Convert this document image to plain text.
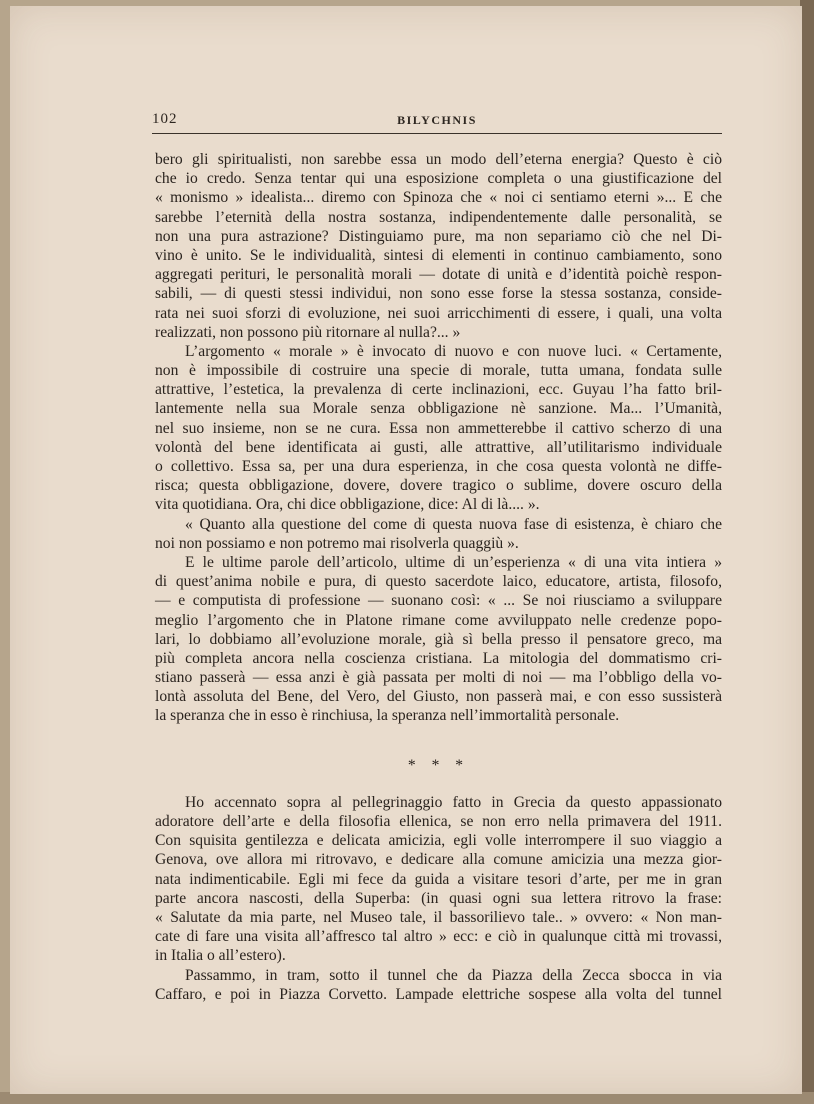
102	BILYCHNIS
bero gli spiritualisti, non sarebbe essa un modo dell’eterna energia? Questo è ciò
che io credo. Senza tentar qui una esposizione completa o una giustificazione del
« monismo » idealista... diremo con Spinoza che « noi ci sentiamo eterni »... E che
sarebbe l’eternità della nostra sostanza, indipendentemente dalle personalità, se
non una pura astrazione? Distinguiamo pure, ma non separiamo ciò che nel Di-
vino è unito. Se le individualità, sintesi di elementi in continuo cambiamento, sono
aggregati perituri, le personalità morali — dotate di unità e d’identità poichè respon-
sabili, — di questi stessi individui, non sono esse forse la stessa sostanza, conside-
rata nei suoi sforzi di evoluzione, nei suoi arricchimenti di essere, i quali, una volta
realizzati, non possono più ritornare al nulla?... »
L’argomento « morale » è invocato di nuovo e con nuove luci. « Certamente,
non è impossibile di costruire una specie di morale, tutta umana, fondata sulle
attrattive, l’estetica, la prevalenza di certe inclinazioni, ecc. Guyau l’ha fatto bril-
lantemente nella sua Morale senza obbligazione nè sanzione. Ma... l’Umanità,
nel suo insieme, non se ne cura. Essa non ammetterebbe il cattivo scherzo di una
volontà del bene identificata ai gusti, alle attrattive, all’utilitarismo individuale
o collettivo. Essa sa, per una dura esperienza, in che cosa questa volontà ne diffe-
risca; questa obbligazione, dovere, dovere tragico o sublime, dovere oscuro della
vita quotidiana. Ora, chi dice obbligazione, dice: Al di là.... ».
« Quanto alla questione del come di questa nuova fase di esistenza, è chiaro che
noi non possiamo e non potremo mai risolverla quaggiù ».
E le ultime parole dell’articolo, ultime di un’esperienza « di una vita intiera »
di quest’anima nobile e pura, di questo sacerdote laico, educatore, artista, filosofo,
— e computista di professione — suonano così: « ... Se noi riusciamo a sviluppare
meglio l’argomento che in Platone rimane come avviluppato nelle credenze popo-
lari, lo dobbiamo all’evoluzione morale, già sì bella presso il pensatore greco, ma
più completa ancora nella coscienza cristiana. La mitologia del dommatismo cri-
stiano passerà — essa anzi è già passata per molti di noi — ma l’obbligo della vo-
lontà assoluta del Bene, del Vero, del Giusto, non passerà mai, e con esso sussisterà
la speranza che in esso è rinchiusa, la speranza nell’immortalità personale.
* * *
Ho accennato sopra al pellegrinaggio fatto in Grecia da questo appassionato
adoratore dell’arte e della filosofia ellenica, se non erro nella primavera del 1911.
Con squisita gentilezza e delicata amicizia, egli volle interrompere il suo viaggio a
Genova, ove allora mi ritrovavo, e dedicare alla comune amicizia una mezza gior-
nata indimenticabile. Egli mi fece da guida a visitare tesori d’arte, per me in gran
parte ancora nascosti, della Superba: (in quasi ogni sua lettera ritrovo la frase:
« Salutate da mia parte, nel Museo tale, il bassorilievo tale.. » ovvero: « Non man-
cate di fare una visita all’affresco tal altro » ecc: e ciò in qualunque città mi trovassi,
in Italia o all’estero).
Passammo, in tram, sotto il tunnel che da Piazza della Zecca sbocca in via
Caffaro, e poi in Piazza Corvetto. Lampade elettriche sospese alla volta del tunnel
